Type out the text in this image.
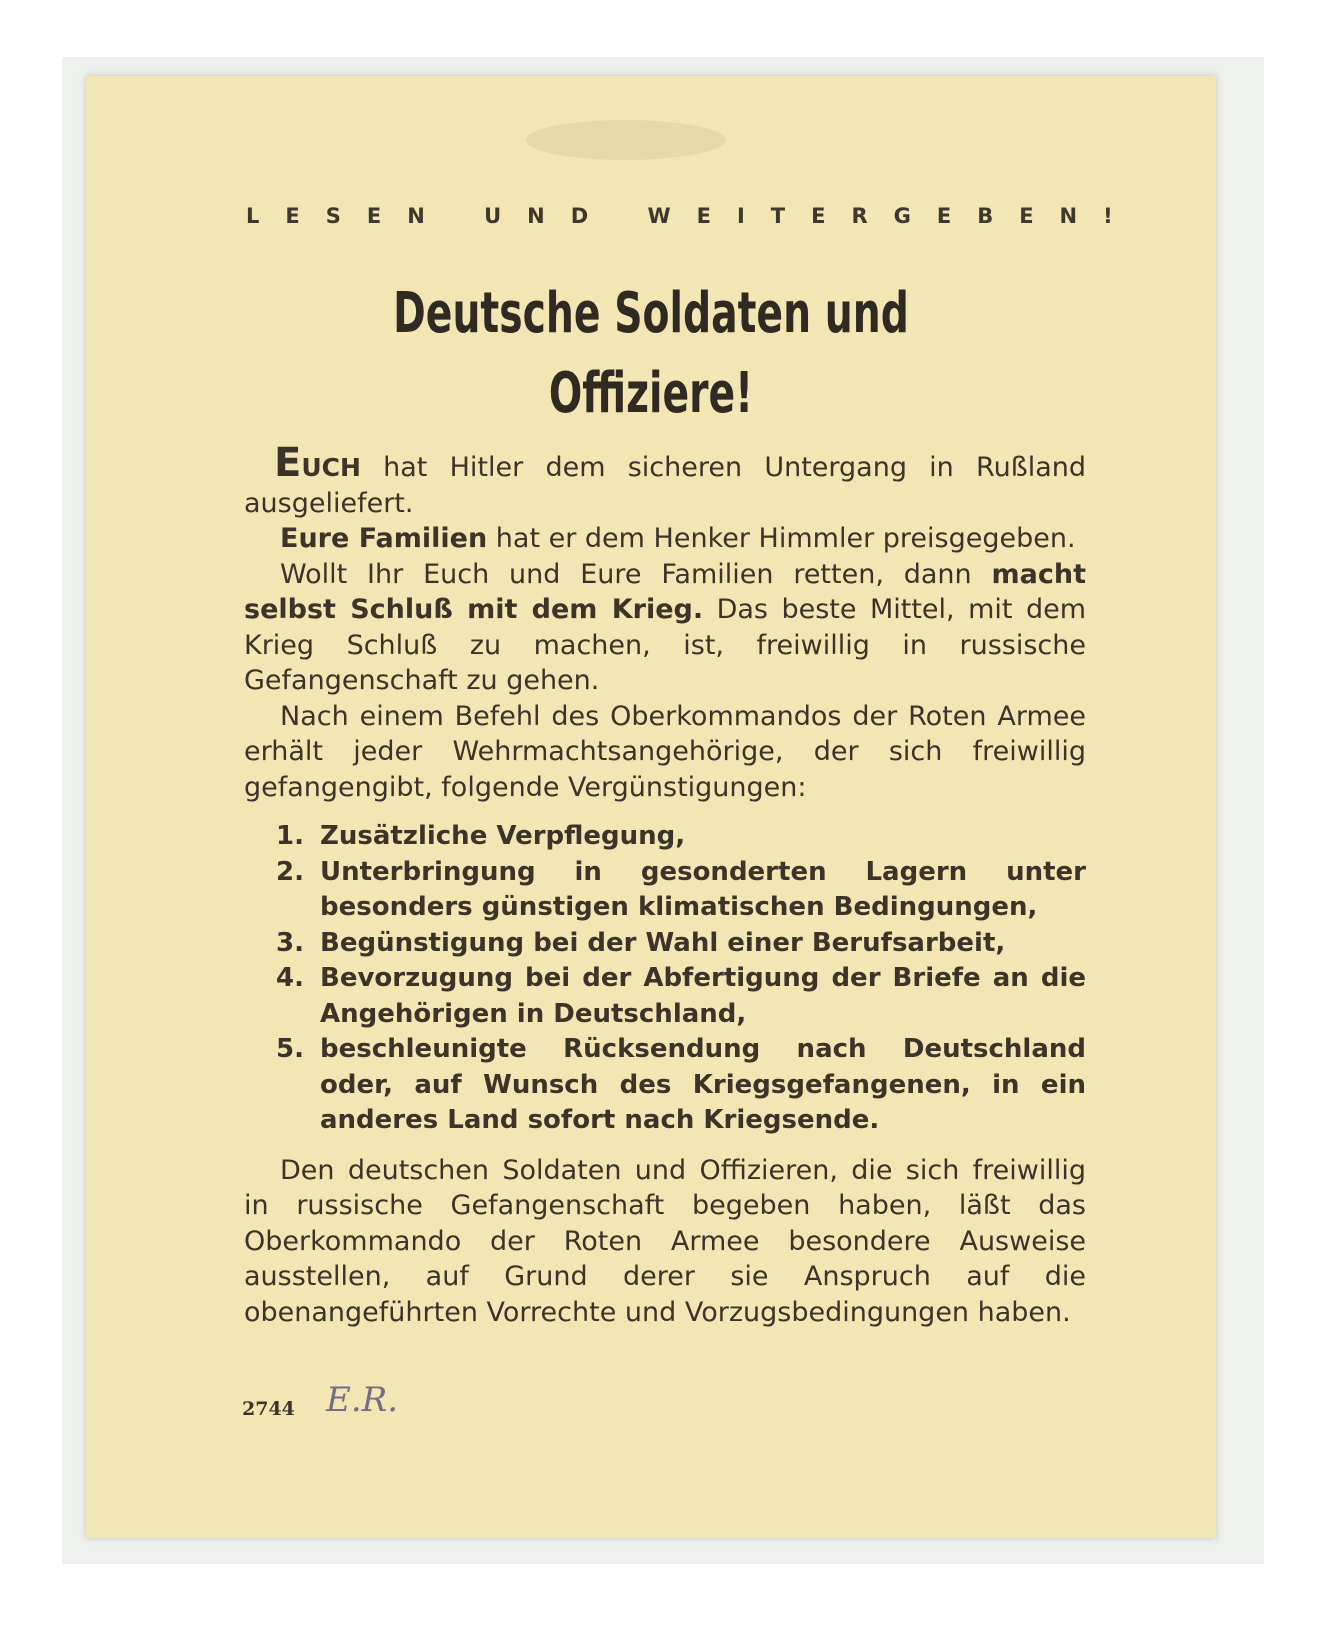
LESEN UND WEITERGEBEN!
Deutsche Soldaten und
Offiziere!

EUCH hat Hitler dem sicheren Untergang in Rußland ausgeliefert.

Eure Familien hat er dem Henker Himmler preisgegeben.

Wollt Ihr Euch und Eure Familien retten, dann macht selbst Schluß mit dem Krieg. Das beste Mittel, mit dem Krieg Schluß zu machen, ist, freiwillig in russische Gefangenschaft zu gehen.

Nach einem Befehl des Oberkommandos der Roten Armee erhält jeder Wehrmachtsangehörige, der sich freiwillig gefangengibt, folgende Vergünstigungen:

1. Zusätzliche Verpflegung,
2. Unterbringung in gesonderten Lagern unter besonders günstigen klimatischen Bedingungen,
3. Begünstigung bei der Wahl einer Berufsarbeit,
4. Bevorzugung bei der Abfertigung der Briefe an die Angehörigen in Deutschland,
5. beschleunigte Rücksendung nach Deutschland oder, auf Wunsch des Kriegsgefangenen, in ein anderes Land sofort nach Kriegsende.

Den deutschen Soldaten und Offizieren, die sich freiwillig in russische Gefangenschaft begeben haben, läßt das Oberkommando der Roten Armee besondere Ausweise ausstellen, auf Grund derer sie Anspruch auf die obenangeführten Vorrechte und Vorzugsbedingungen haben.

2744 E.R.
